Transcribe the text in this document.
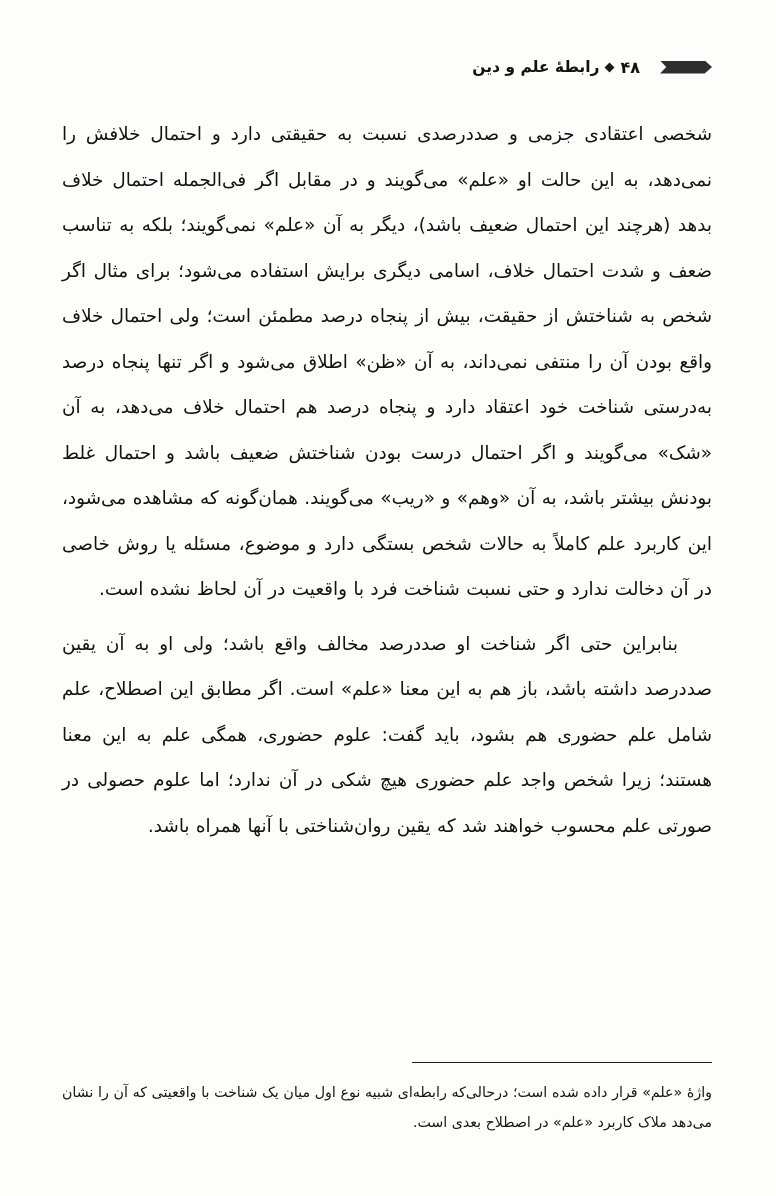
۴۸
رابطهٔ علم و دین

شخصی اعتقادی جزمی و صددرصدی نسبت به حقیقتی دارد و احتمال خلافش را نمی‌دهد، به این حالت او «علم» می‌گویند و در مقابل اگر فی‌الجمله احتمال خلاف بدهد (هرچند این احتمال ضعیف باشد)، دیگر به آن «علم» نمی‌گویند؛ بلکه به تناسب ضعف و شدت احتمال خلاف، اسامی دیگری برایش استفاده می‌شود؛ برای مثال اگر شخص به شناختش از حقیقت، بیش از پنجاه درصد مطمئن است؛ ولی احتمال خلاف واقع بودن آن را منتفی نمی‌داند، به آن «ظن» اطلاق می‌شود و اگر تنها پنجاه درصد به‌درستی شناخت خود اعتقاد دارد و پنجاه درصد هم احتمال خلاف می‌دهد، به آن «شک» می‌گویند و اگر احتمال درست بودن شناختش ضعیف باشد و احتمال غلط بودنش بیشتر باشد، به آن «وهم» و «ریب» می‌گویند. همان‌گونه که مشاهده می‌شود، این کاربرد علم کاملاً به حالات شخص بستگی دارد و موضوع، مسئله یا روش خاصی در آن دخالت ندارد و حتی نسبت شناخت فرد با واقعیت در آن لحاظ نشده است.

بنابراین حتی اگر شناخت او صددرصد مخالف واقع باشد؛ ولی او به آن یقین صددرصد داشته باشد، باز هم به این معنا «علم» است. اگر مطابق این اصطلاح، علم شامل علم حضوری هم بشود، باید گفت: علوم حضوری، همگی علم به این معنا هستند؛ زیرا شخص واجد علم حضوری هیچ شکی در آن ندارد؛ اما علوم حصولی در صورتی علم محسوب خواهند شد که یقین روان‌شناختی با آنها همراه باشد.

واژهٔ «علم» قرار داده شده است؛ درحالی‌که رابطه‌ای شبیه نوع اول میان یک شناخت با واقعیتی که آن را نشان می‌دهد ملاک کاربرد «علم» در اصطلاح بعدی است.
